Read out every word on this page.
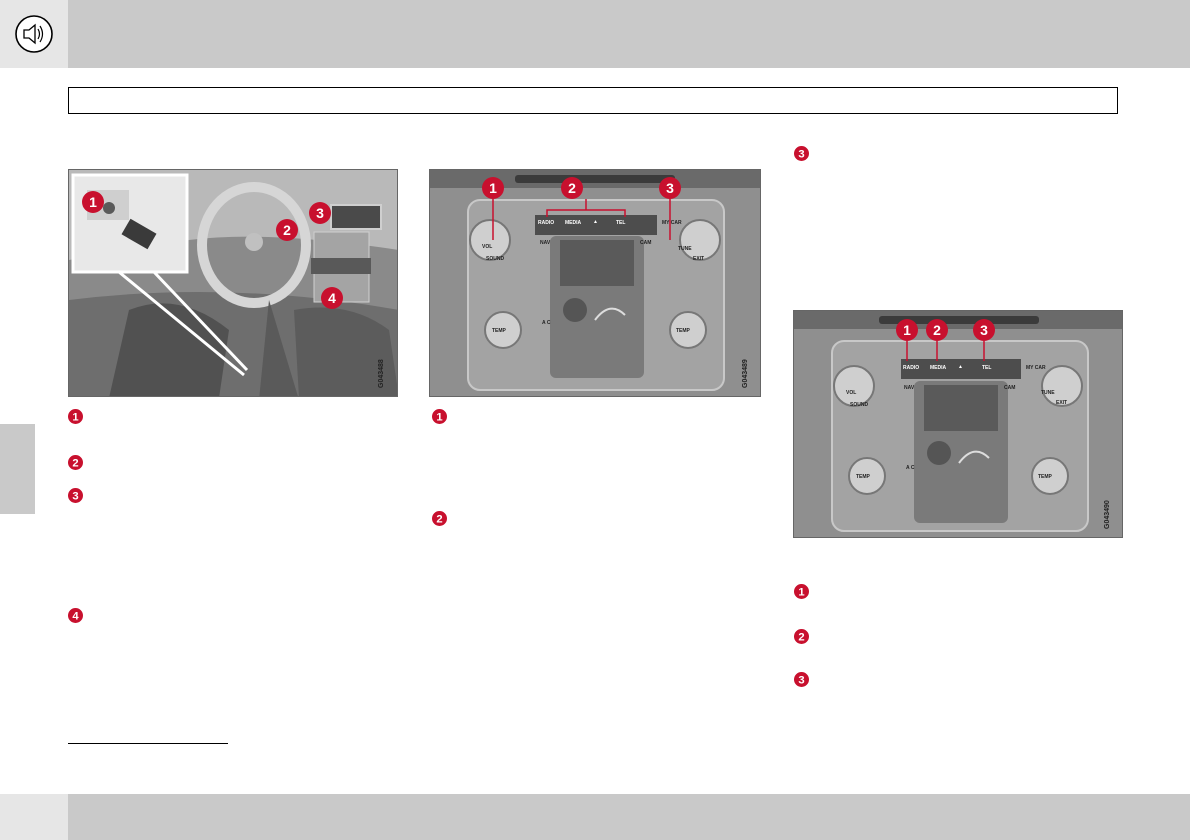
1
2
3
4
G043488
RADIO MEDIA ▲	TEL	MY CAR
VOL
SOUND
TUNE
EXIT
NAV	CAM
TEMP	TEMP
A C
1	2	3
G043489	RADIO MEDIA ▲	TEL	MY CAR
VOL
SOUND
TUNE
EXIT
NAV	CAM
TEMP	TEMP
A C
1 2	3
G043490
1
2
3
4
1
2
3
1
2
3
